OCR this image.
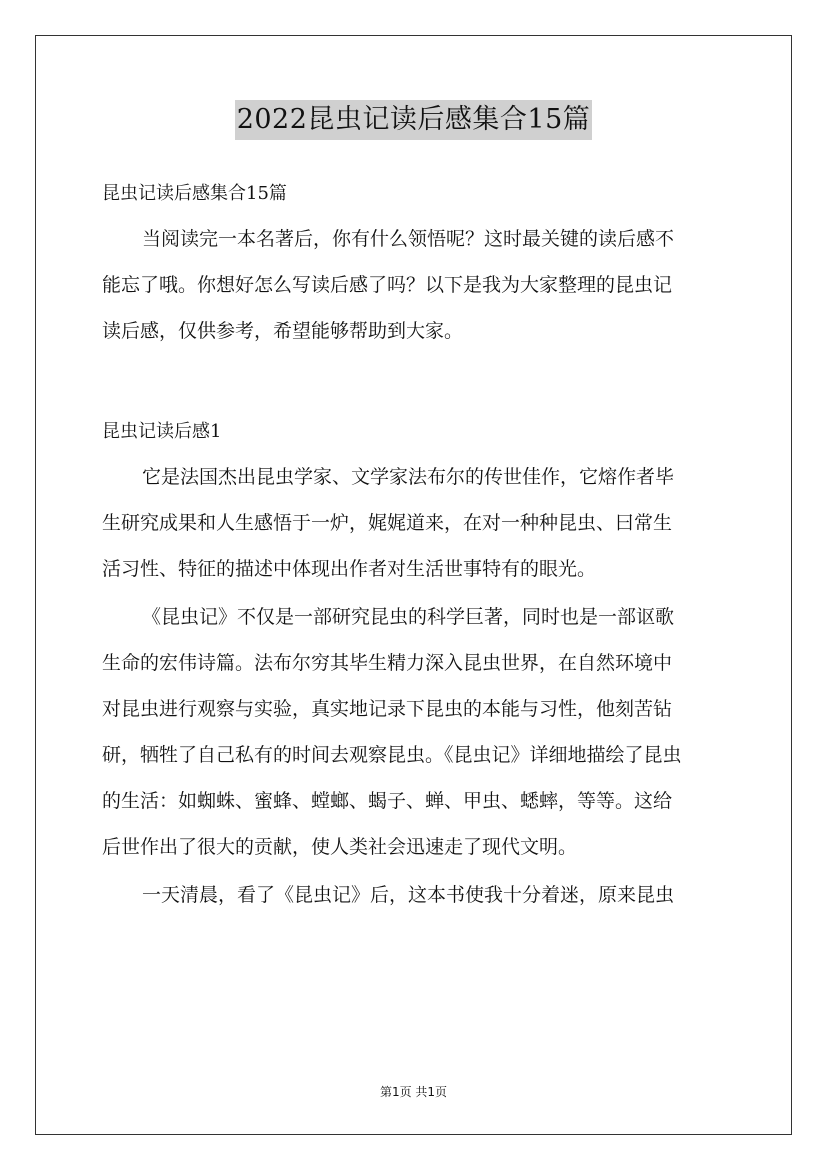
2022昆虫记读后感集合15篇
昆虫记读后感集合15篇
当阅读完一本名著后，你有什么领悟呢？这时最关键的读后感不
能忘了哦。你想好怎么写读后感了吗？以下是我为大家整理的昆虫记
读后感，仅供参考，希望能够帮助到大家。
昆虫记读后感1
它是法国杰出昆虫学家、文学家法布尔的传世佳作，它熔作者毕
生研究成果和人生感悟于一炉，娓娓道来，在对一种种昆虫、曰常生
活习性、特征的描述中体现出作者对生活世事特有的眼光。
《昆虫记》不仅是一部研究昆虫的科学巨著，同时也是一部讴歌
生命的宏伟诗篇。法布尔穷其毕生精力深入昆虫世界，在自然环境中
对昆虫进行观察与实验，真实地记录下昆虫的本能与习性，他刻苦钻
研，牺牲了自己私有的时间去观察昆虫。《昆虫记》详细地描绘了昆虫
的生活：如蜘蛛、蜜蜂、螳螂、蝎子、蝉、甲虫、蟋蟀，等等。这给
后世作出了很大的贡献，使人类社会迅速走了现代文明。
一天清晨，看了《昆虫记》后，这本书使我十分着迷，原来昆虫
第1页 共1页
